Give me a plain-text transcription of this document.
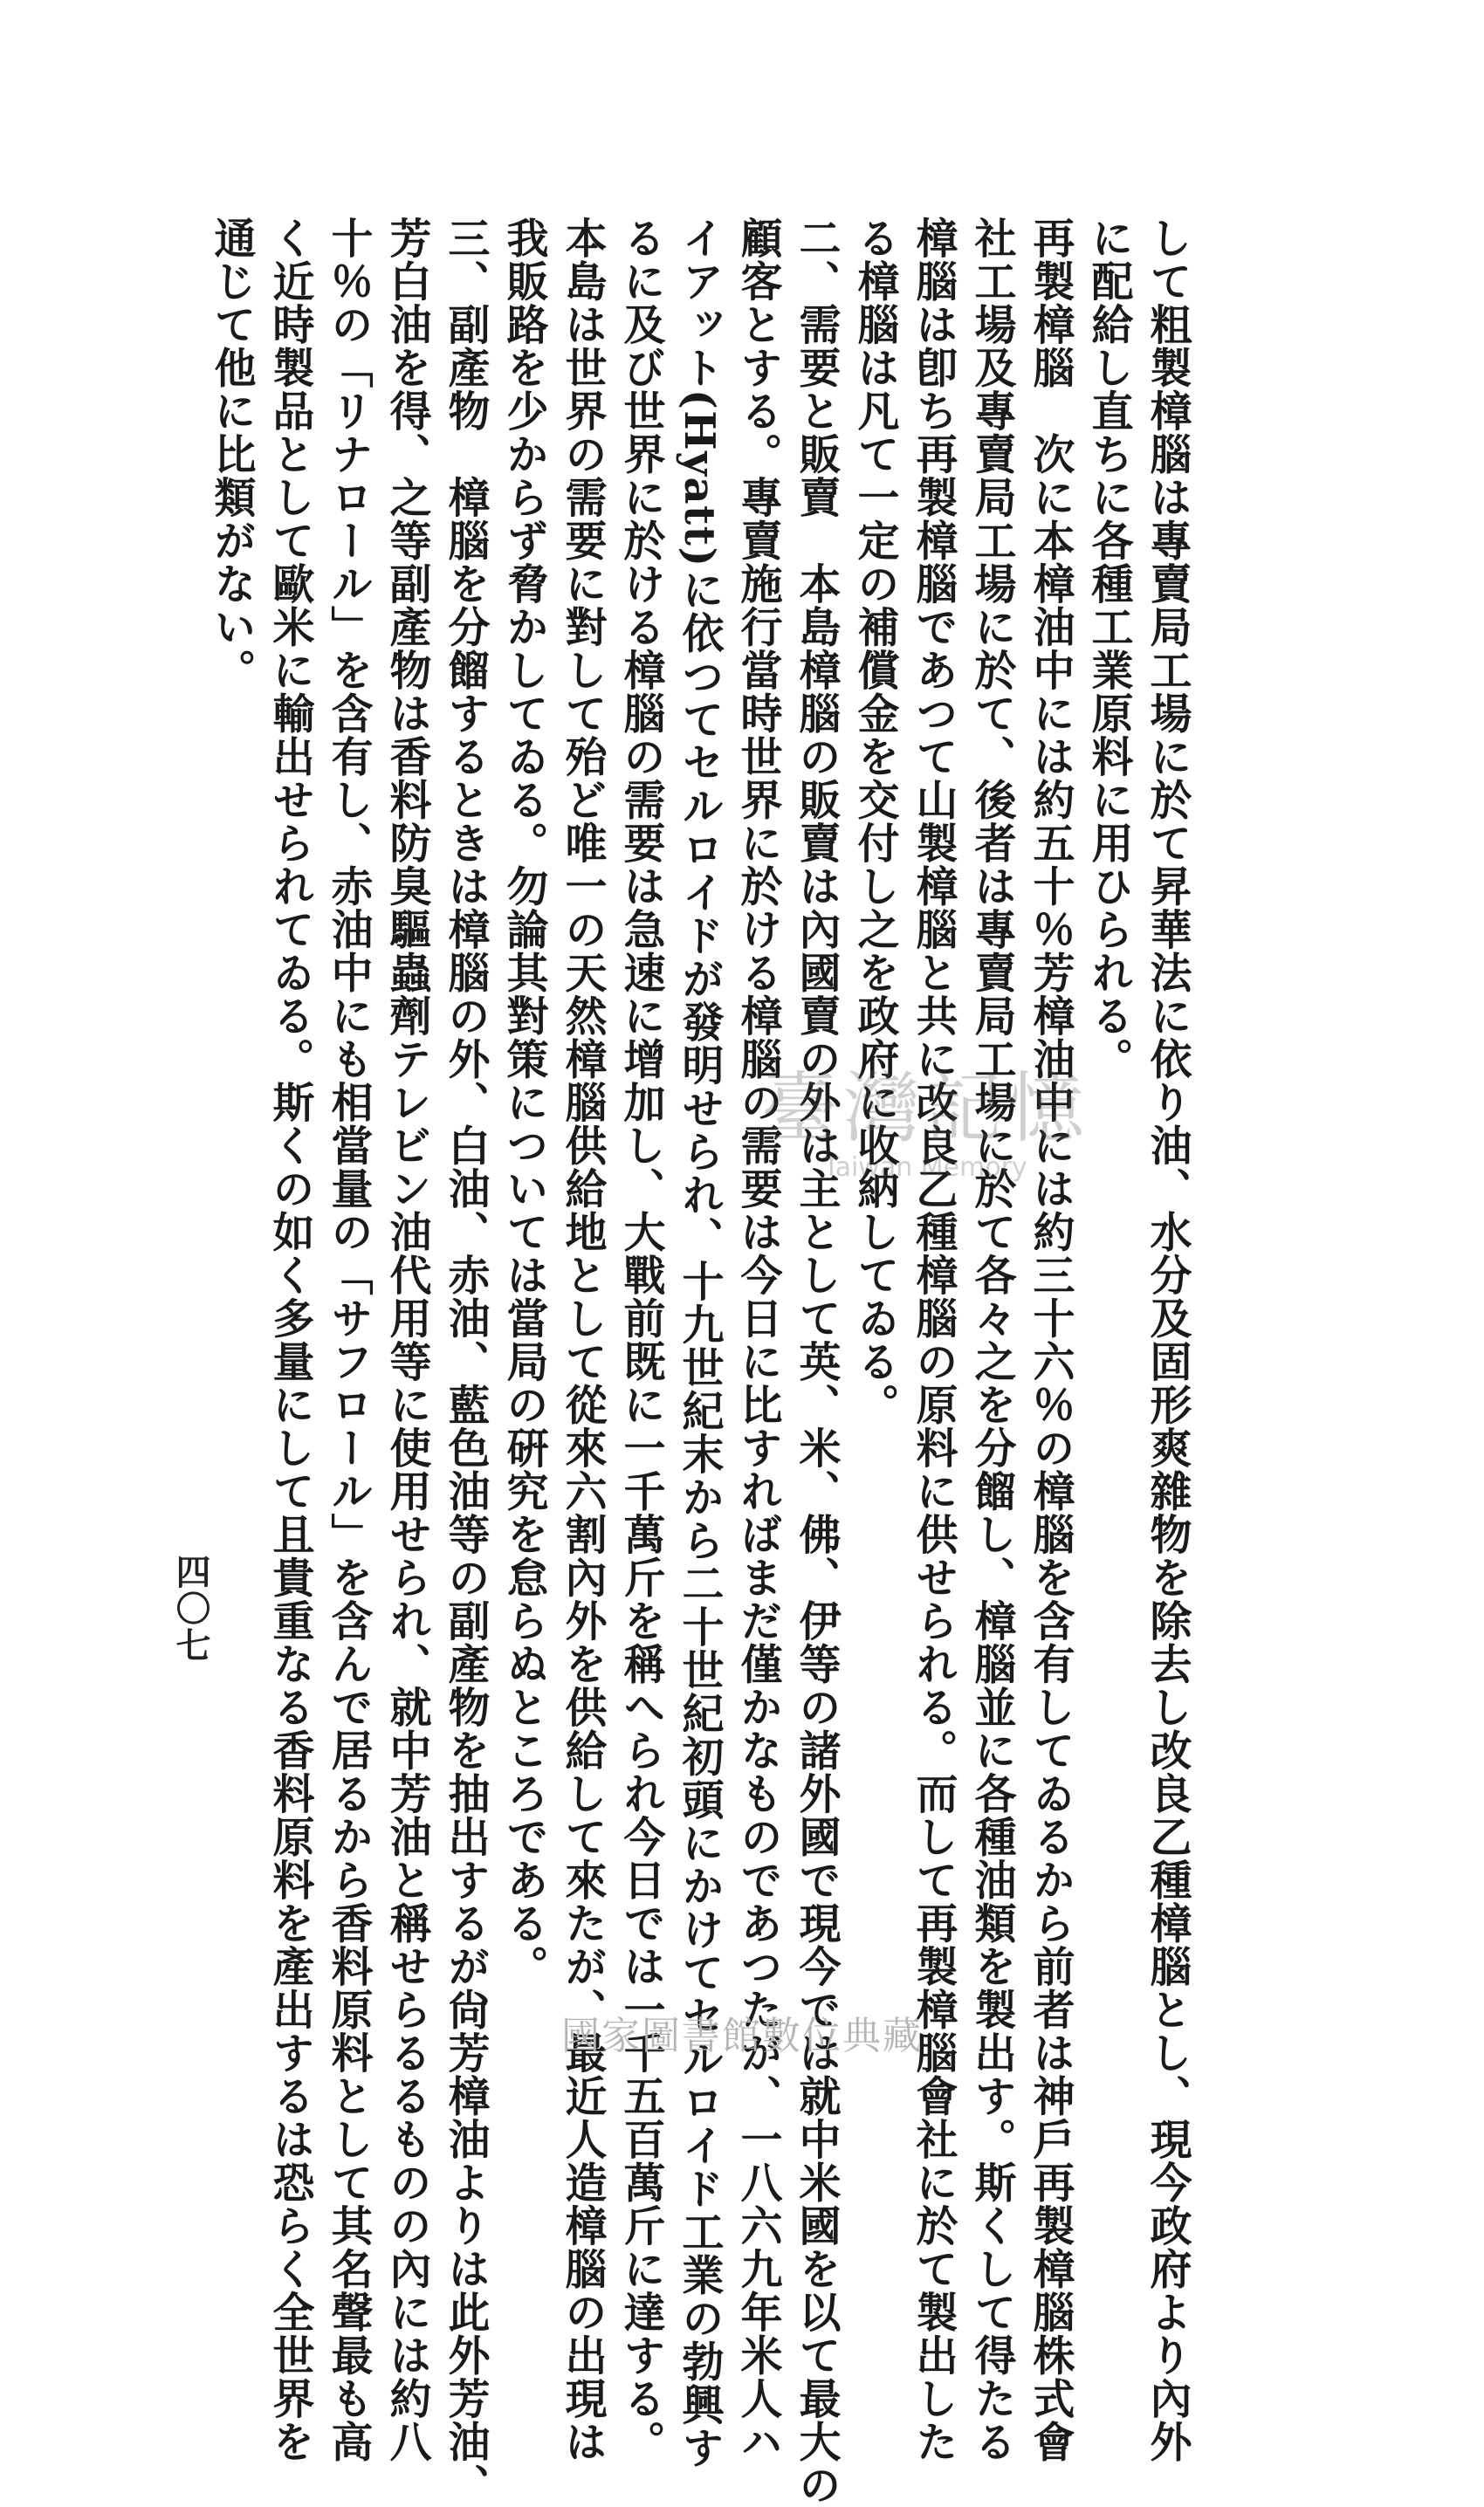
して粗製樟腦は專賣局工場に於て昇華法に依り油、水分及固形爽雜物を除去し改良乙種樟腦とし、現今政府より內外

に配給し直ちに各種工業原料に用ひられる。

再製樟腦　次に本樟油中には約五十％芳樟油中には約三十六％の樟腦を含有してゐるから前者は神戶再製樟腦株式會

社工場及專賣局工場に於て、後者は專賣局工場に於て各々之を分餾し、樟腦並に各種油類を製出す。斯くして得たる

樟腦は卽ち再製樟腦であつて山製樟腦と共に改良乙種樟腦の原料に供せられる。而して再製樟腦會社に於て製出した

る樟腦は凡て一定の補償金を交付し之を政府に收納してゐる。

二、需要と販賣　本島樟腦の販賣は內國賣の外は主として英、米、佛、伊等の諸外國で現今では就中米國を以て最大の

顧客とする。專賣施行當時世界に於ける樟腦の需要は今日に比すればまだ僅かなものであつたが、一八六九年米人ハ

イアット(Hyatt)に依つてセルロイドが發明せられ、十九世紀末から二十世紀初頭にかけてセルロイド工業の勃興す

るに及び世界に於ける樟腦の需要は急速に增加し、大戰前既に一千萬斤を稱へられ今日では一千五百萬斤に達する。

本島は世界の需要に對して殆ど唯一の天然樟腦供給地として從來六割內外を供給して來たが、最近人造樟腦の出現は

我販路を少からず脅かしてゐる。勿論其對策については當局の硏究を怠らぬところである。

三、副產物　樟腦を分餾するときは樟腦の外、白油、赤油、藍色油等の副產物を抽出するが尙芳樟油よりは此外芳油、

芳白油を得、之等副產物は香料防臭驅蟲劑テレビン油代用等に使用せられ、就中芳油と稱せらるるものの內には約八

十％の「リナロール」を含有し、赤油中にも相當量の「サフロール」を含んで居るから香料原料として其名聲最も高

く近時製品として歐米に輸出せられてゐる。斯くの如く多量にして且貴重なる香料原料を產出するは恐らく全世界を

通じて他に比類がない。

臺灣記憶
Taiwan Memory
四〇七
國家圖書館數位典藏
